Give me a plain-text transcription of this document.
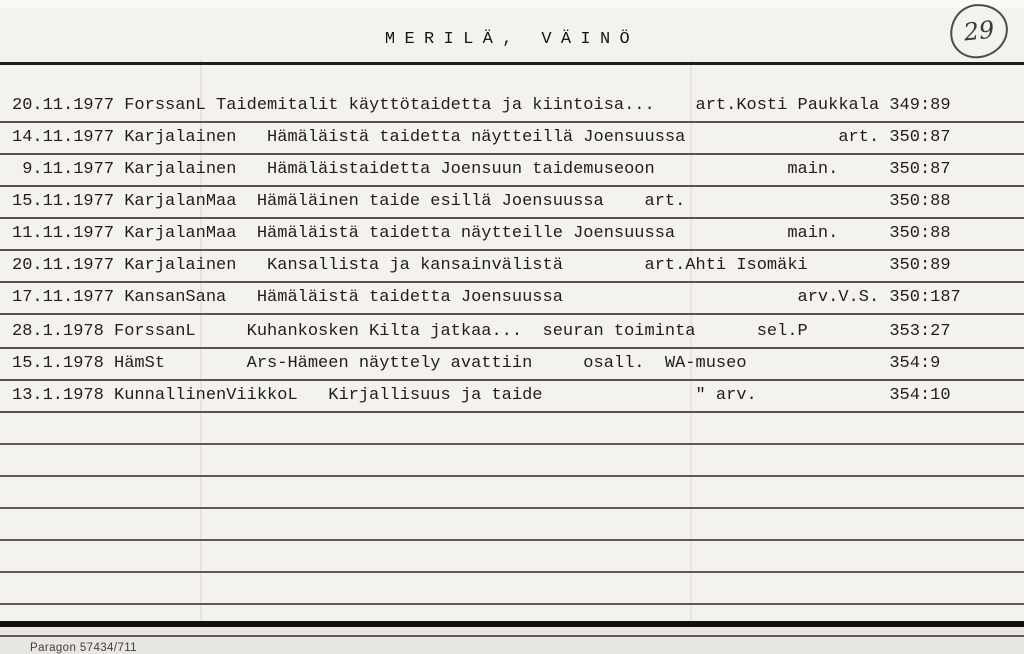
MERILÄ, VÄINÖ	29
20.11.1977 ForssanL Taidemitalit käyttötaidetta ja kiintoisa...    art.Kosti Paukkala 349:89
14.11.1977 Karjalainen   Hämäläistä taidetta näytteillä Joensuussa               art. 350:87
9.11.1977 Karjalainen   Hämäläistaidetta Joensuun taidemuseoon             main.     350:87
15.11.1977 KarjalanMaa  Hämäläinen taide esillä Joensuussa    art.                    350:88
11.11.1977 KarjalanMaa  Hämäläistä taidetta näytteille Joensuussa           main.     350:88
20.11.1977 Karjalainen   Kansallista ja kansainvälistä        art.Ahti Isomäki        350:89
17.11.1977 KansanSana   Hämäläistä taidetta Joensuussa                       arv.V.S. 350:187
28.1.1978 ForssanL     Kuhankosken Kilta jatkaa...  seuran toiminta      sel.P        353:27
15.1.1978 HämSt        Ars-Hämeen näyttely avattiin     osall.  WA-museo              354:9
13.1.1978 KunnallinenViikkoL   Kirjallisuus ja taide               " arv.             354:10
Paragon 57434/711
